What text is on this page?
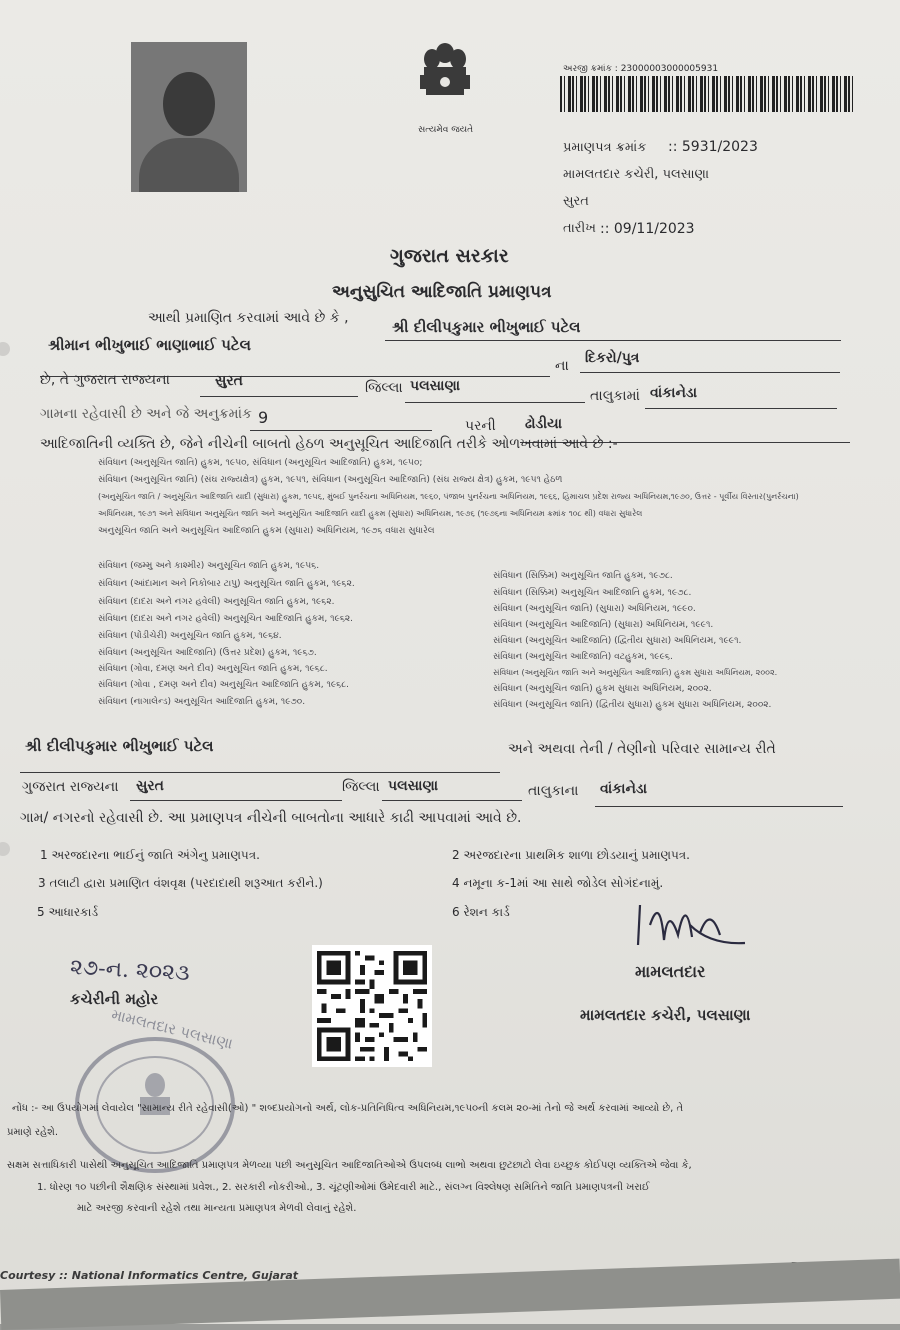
સત્યમેવ જયતે
અરજી ક્રમાંક : 23000003000005931
પ્રમાણપત્ર ક્રમાંક :: 5931/2023
મામલતદાર કચેરી, પલસાણા
સુરત
તારીખ :: 09/11/2023
ગુજરાત સરકાર
અનુસુચિત આદિજાતિ પ્રમાણપત્ર
આથી પ્રમાણિત કરવામાં આવે છે કે ,	શ્રી દીલીપકુમાર ભીખુભાઈ પટેલ
શ્રીમાન ભીખુભાઈ ભાણાભાઈ પટેલ
ના દિકરો/પુત્ર
છે, તે ગુજરાત રાજ્યના	સુરત	જિલ્લા પલસાણા
તાલુકામાં વાંકાનેડા
ગામના રહેવાસી છે અને જે અનુક્રમાંક 9	પરની ઢોડીયા
આદિજાતિની વ્યક્તિ છે, જેને નીચેની બાબતો હેઠળ અનુસૂચિત આદિજાતિ તરીકે ઓળખવામાં આવે છે :-
સંવિધાન (અનુસૂચિત જાતિ) હુકમ, ૧૯૫૦, સંવિધાન (અનુસૂચિત આદિજાતિ) હુકમ, ૧૯૫૦;
સંવિધાન (અનુસૂચિત જાતિ) (સંઘ રાજ્યક્ષેત્ર) હુકમ, ૧૯૫૧, સંવિધાન (અનુસૂચિત આદિજાતિ) (સંઘ રાજ્ય ક્ષેત્ર) હુકમ, ૧૯૫૧ હેઠળ
(અનુસૂચિત જાતિ / અનુસૂચિત આદિજાતિ યાદી (સુધારા) હુકમ, ૧૯૫૬, મુંબઈ પુનર્રચના અધિનિયમ, ૧૯૬૦, પંજાબ પુનર્રચના અધિનિયમ, ૧૯૬૬, હિમાચલ પ્રદેશ રાજ્ય અધિનિયમ,૧૯૭૦, ઉત્તર - પૂર્વીય વિસ્તાર(પુનર્રચના)
અધિનિયમ, ૧૯૭૧ અને સંવિધાન અનુસૂચિત જાતિ અને અનુસૂચિત આદિજાતિ યાદી હુકમ (સુધારા) અધિનિયમ, ૧૯૭૬ (૧૯૭૬ના અધિનિયમ ક્રમાંક ૧૦૮ થી) વધારા સુધારેલ
અનુસૂચિત જાતિ અને અનુસૂચિત આદિજાતિ હુકમ (સુધારા) અધિનિયમ, ૧૯૭૬ વધારા સુધારેલ
સંવિધાન (જમ્મુ અને કાશ્મીર) અનુસૂચિત જાતિ હુકમ, ૧૯૫૬.
સંવિધાન (આંદામાન અને નિકોબાર ટાપુ) અનુસૂચિત જાતિ હુકમ, ૧૯૬૨.
સંવિધાન (દાદરા અને નગર હવેલી) અનુસૂચિત જાતિ હુકમ, ૧૯૬૨.
સંવિધાન (દાદરા અને નગર હવેલી) અનુસૂચિત આદિજાતિ હુકમ, ૧૯૬૨.
સંવિધાન (પોંડીચેરી) અનુસૂચિત જાતિ હુકમ, ૧૯૬૪.
સંવિધાન (અનુસૂચિત આદિજાતિ) (ઉત્તર પ્રદેશ) હુકમ, ૧૯૬૭.
સંવિધાન (ગોવા, દમણ અને દીવ) અનુસૂચિત જાતિ હુકમ, ૧૯૬૮.
સંવિધાન (ગોવા , દમણ અને દીવ) અનુસૂચિત આદિજાતિ હુકમ, ૧૯૬૮.
સંવિધાન (નાગાલેન્ડ) અનુસૂચિત આદિજાતિ હુકમ, ૧૯૭૦.
સંવિધાન (સિક્કિમ) અનુસૂચિત જાતિ હુકમ, ૧૯૭૮.
સંવિધાન (સિક્કિમ) અનુસૂચિત આદિજાતિ હુકમ, ૧૯૭૮.
સંવિધાન (અનુસૂચિત જાતિ) (સુધારા) અધિનિયમ, ૧૯૯૦.
સંવિધાન (અનુસૂચિત આદિજાતિ) (સુધારા) અધિનિયમ, ૧૯૯૧.
સંવિધાન (અનુસૂચિત આદિજાતિ) (દ્વિતીય સુધારા) અધિનિયમ, ૧૯૯૧.
સંવિધાન (અનુસૂચિત આદિજાતિ) વટહુકમ, ૧૯૯૬.
સંવિધાન (અનુસૂચિત જાતિ અને અનુસૂચિત આદિજાતિ) હુકમ સુધારા અધિનિયમ, ૨૦૦૨.
સંવિધાન (અનુસૂચિત જાતિ) હુકમ સુધારા અધિનિયમ, ૨૦૦૨.
સંવિધાન (અનુસૂચિત જાતિ) (દ્વિતીય સુધારા) હુકમ સુધારા અધિનિયમ, ૨૦૦૨.
શ્રી દીલીપકુમાર ભીખુભાઈ પટેલ	અને અથવા તેની / તેણીનો પરિવાર સામાન્ય રીતે
ગુજરાત રાજ્યના સુરત	જિલ્લા પલસાણા	તાલુકાના વાંકાનેડા
ગામ/ નગરનો રહેવાસી છે. આ પ્રમાણપત્ર નીચેની બાબતોના આધારે કાઢી આપવામાં આવે છે.
1 અરજદારના ભાઈનું જાતિ અંગેનુ પ્રમાણપત્ર.	2 અરજદારના પ્રાથમિક શાળા છોડયાનું પ્રમાણપત્ર.
3 તલાટી દ્વારા પ્રમાણિત વંશવૃક્ષ (પરદાદાથી શરૂઆત કરીને.)	4 નમૂના ક-1માં આ સાથે જોડેલ સોગંદનામું.
5 આધારકાર્ડ	6 રેશન કાર્ડ
૨૭-ન. ૨૦૨૩
કચેરીની મહોર
મામલતદાર
મામલતદાર કચેરી, પલસાણા
મામલતદાર પલસાણા
નોંધ :- આ ઉપયોગમાં લેવાયેલ "સામાન્ય રીતે રહેવાસી(ઓ) " શબ્દપ્રયોગનો અર્થ, લોક-પ્રતિનિધિત્વ અધિનિયમ,૧૯૫૦ની કલમ ૨૦-માં તેનો જે અર્થ કરવામાં આવ્યો છે, તે
પ્રમાણે રહેશે.
સક્ષમ સત્તાધિકારી પાસેથી અનુસૂચિત આદિજાતિ પ્રમાણપત્ર મેળવ્યા પછી અનુસૂચિત આદિજાતિઓએ ઉપલબ્ધ લાભો અથવા છુટછાટો લેવા ઇચ્છુક કોઈપણ વ્યક્તિએ જેવા કે,
1. ધોરણ ૧૦ પછીની શૈક્ષણિક સંસ્થામાં પ્રવેશ., 2. સરકારી નોકરીઓ., 3. ચૂંટણીઓમાં ઉમેદવારી માટે., સંલગ્ન વિશ્લેષણ સમિતિને જાતિ પ્રમાણપત્રની ખરાઈ
માટે અરજી કરવાની રહેશે તથા માન્યતા પ્રમાણપત્ર મેળવી લેવાનું રહેશે.
Courtesy :: National Informatics Centre, Gujarat
